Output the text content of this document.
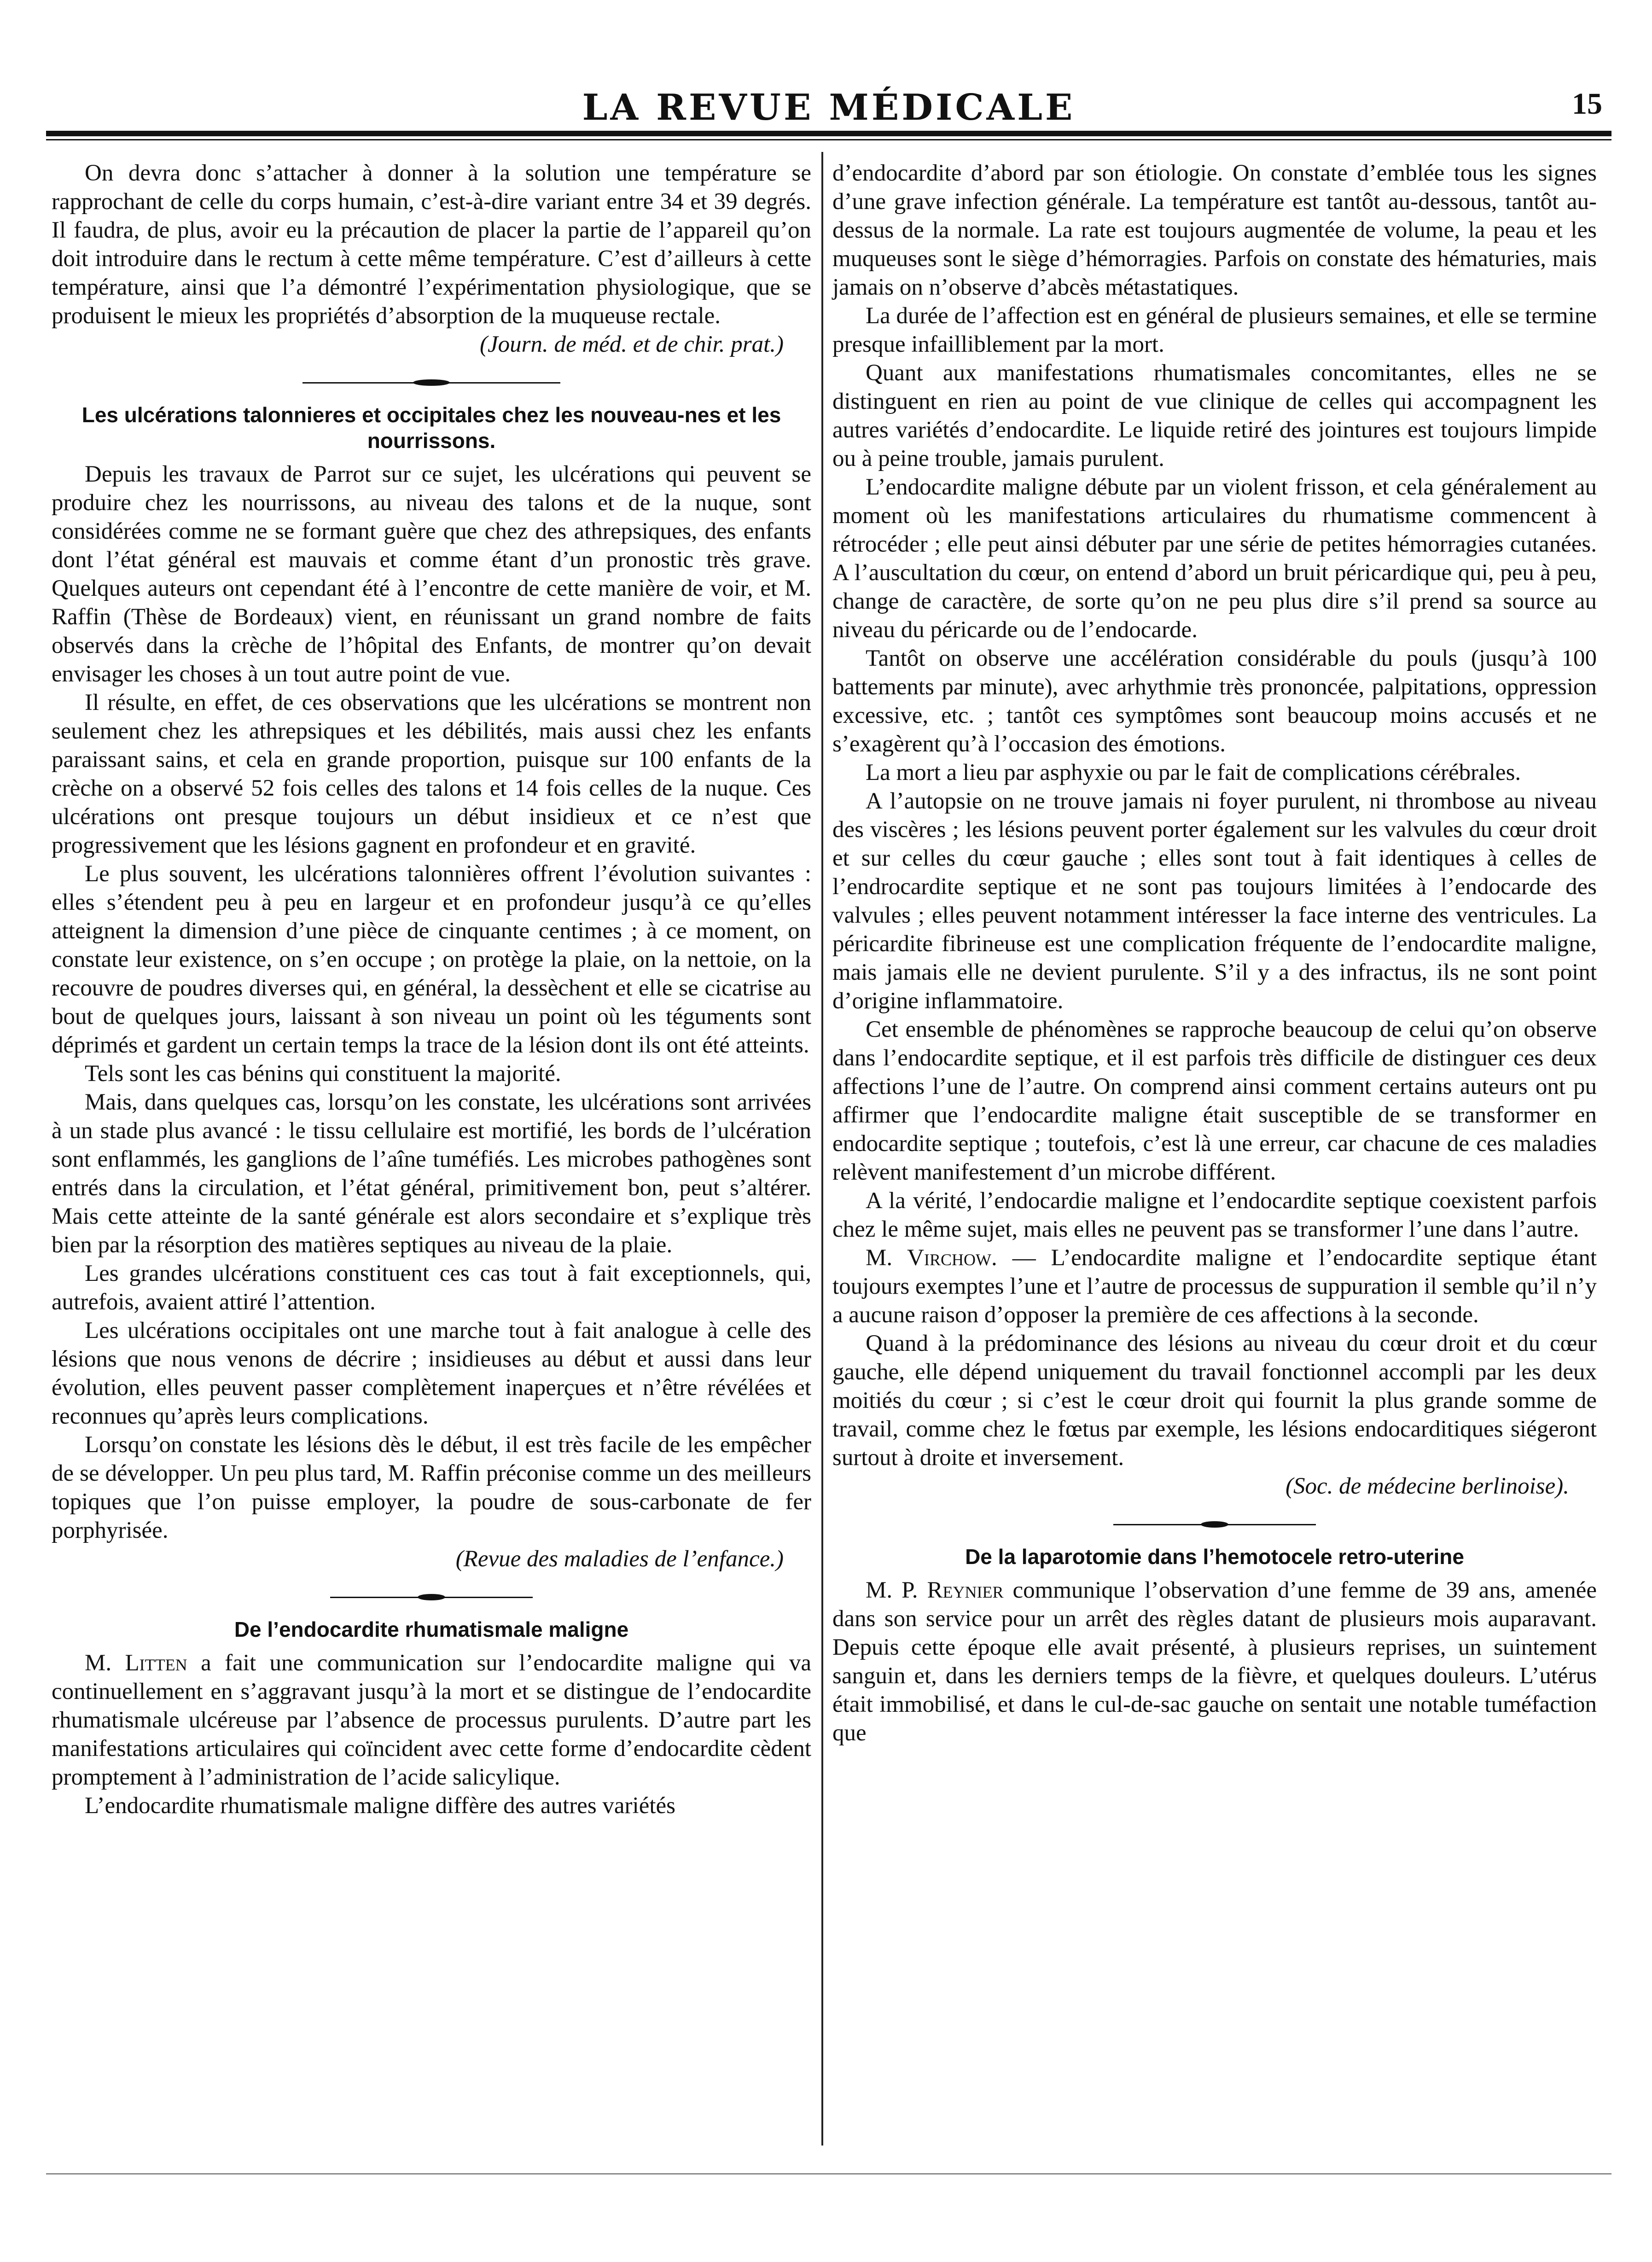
LA REVUE MÉDICALE	15

On devra donc s’attacher à donner à la solution une température se rapprochant de celle du corps humain, c’est-à-dire variant entre 34 et 39 degrés. Il faudra, de plus, avoir eu la précaution de placer la partie de l’appareil qu’on doit introduire dans le rectum à cette même température. C’est d’ailleurs à cette température, ainsi que l’a démontré l’expérimentation physiologique, que se produisent le mieux les propriétés d’absorption de la muqueuse rectale.

(Journ. de méd. et de chir. prat.)

Les ulcérations talonnieres et occipitales chez les nouveau-nes et les nourrissons.

Depuis les travaux de Parrot sur ce sujet, les ulcérations qui peuvent se produire chez les nourrissons, au niveau des talons et de la nuque, sont considérées comme ne se formant guère que chez des athrepsiques, des enfants dont l’état général est mauvais et comme étant d’un pronostic très grave. Quelques auteurs ont cependant été à l’encontre de cette manière de voir, et M. Raffin (Thèse de Bordeaux) vient, en réunissant un grand nombre de faits observés dans la crèche de l’hôpital des Enfants, de montrer qu’on devait envisager les choses à un tout autre point de vue.

Il résulte, en effet, de ces observations que les ulcérations se montrent non seulement chez les athrepsiques et les débilités, mais aussi chez les enfants paraissant sains, et cela en grande proportion, puisque sur 100 enfants de la crèche on a observé 52 fois celles des talons et 14 fois celles de la nuque. Ces ulcérations ont presque toujours un début insidieux et ce n’est que progressivement que les lésions gagnent en profondeur et en gravité.

Le plus souvent, les ulcérations talonnières offrent l’évolution suivantes : elles s’étendent peu à peu en largeur et en profondeur jusqu’à ce qu’elles atteignent la dimension d’une pièce de cinquante centimes ; à ce moment, on constate leur existence, on s’en occupe ; on protège la plaie, on la nettoie, on la recouvre de poudres diverses qui, en général, la dessèchent et elle se cicatrise au bout de quelques jours, laissant à son niveau un point où les téguments sont déprimés et gardent un certain temps la trace de la lésion dont ils ont été atteints.

Tels sont les cas bénins qui constituent la majorité.

Mais, dans quelques cas, lorsqu’on les constate, les ulcérations sont arrivées à un stade plus avancé : le tissu cellulaire est mortifié, les bords de l’ulcération sont enflammés, les ganglions de l’aîne tuméfiés. Les microbes pathogènes sont entrés dans la circulation, et l’état général, primitivement bon, peut s’altérer. Mais cette atteinte de la santé générale est alors secondaire et s’explique très bien par la résorption des matières septiques au niveau de la plaie.

Les grandes ulcérations constituent ces cas tout à fait exceptionnels, qui, autrefois, avaient attiré l’attention.

Les ulcérations occipitales ont une marche tout à fait analogue à celle des lésions que nous venons de décrire ; insidieuses au début et aussi dans leur évolution, elles peuvent passer complètement inaperçues et n’être révélées et reconnues qu’après leurs complications.

Lorsqu’on constate les lésions dès le début, il est très facile de les empêcher de se développer. Un peu plus tard, M. Raffin préconise comme un des meilleurs topiques que l’on puisse employer, la poudre de sous-carbonate de fer porphyrisée.

(Revue des maladies de l’enfance.)

De l’endocardite rhumatismale maligne

M. Litten a fait une communication sur l’endocardite maligne qui va continuellement en s’aggravant jusqu’à la mort et se distingue de l’endocardite rhumatismale ulcéreuse par l’absence de processus purulents. D’autre part les manifestations articulaires qui coïncident avec cette forme d’endocardite cèdent promptement à l’administration de l’acide salicylique.

L’endocardite rhumatismale maligne diffère des autres variétés

d’endocardite d’abord par son étiologie. On constate d’emblée tous les signes d’une grave infection générale. La température est tantôt au-dessous, tantôt au-dessus de la normale. La rate est toujours augmentée de volume, la peau et les muqueuses sont le siège d’hémorragies. Parfois on constate des hématuries, mais jamais on n’observe d’abcès métastatiques.

La durée de l’affection est en général de plusieurs semaines, et elle se termine presque infailliblement par la mort.

Quant aux manifestations rhumatismales concomitantes, elles ne se distinguent en rien au point de vue clinique de celles qui accompagnent les autres variétés d’endocardite. Le liquide retiré des jointures est toujours limpide ou à peine trouble, jamais purulent.

L’endocardite maligne débute par un violent frisson, et cela généralement au moment où les manifestations articulaires du rhumatisme commencent à rétrocéder ; elle peut ainsi débuter par une série de petites hémorragies cutanées. A l’auscultation du cœur, on entend d’abord un bruit péricardique qui, peu à peu, change de caractère, de sorte qu’on ne peu plus dire s’il prend sa source au niveau du péricarde ou de l’endocarde.

Tantôt on observe une accélération considérable du pouls (jusqu’à 100 battements par minute), avec arhythmie très prononcée, palpitations, oppression excessive, etc. ; tantôt ces symptômes sont beaucoup moins accusés et ne s’exagèrent qu’à l’occasion des émotions.

La mort a lieu par asphyxie ou par le fait de complications cérébrales.

A l’autopsie on ne trouve jamais ni foyer purulent, ni thrombose au niveau des viscères ; les lésions peuvent porter également sur les valvules du cœur droit et sur celles du cœur gauche ; elles sont tout à fait identiques à celles de l’endrocardite septique et ne sont pas toujours limitées à l’endocarde des valvules ; elles peuvent notamment intéresser la face interne des ventricules. La péricardite fibrineuse est une complication fréquente de l’endocardite maligne, mais jamais elle ne devient purulente. S’il y a des infractus, ils ne sont point d’origine inflammatoire.

Cet ensemble de phénomènes se rapproche beaucoup de celui qu’on observe dans l’endocardite septique, et il est parfois très difficile de distinguer ces deux affections l’une de l’autre. On comprend ainsi comment certains auteurs ont pu affirmer que l’endocardite maligne était susceptible de se transformer en endocardite septique ; toutefois, c’est là une erreur, car chacune de ces maladies relèvent manifestement d’un microbe différent.

A la vérité, l’endocardie maligne et l’endocardite septique coexistent parfois chez le même sujet, mais elles ne peuvent pas se transformer l’une dans l’autre.

M. Virchow. — L’endocardite maligne et l’endocardite septique étant toujours exemptes l’une et l’autre de processus de suppuration il semble qu’il n’y a aucune raison d’opposer la première de ces affections à la seconde.

Quand à la prédominance des lésions au niveau du cœur droit et du cœur gauche, elle dépend uniquement du travail fonctionnel accompli par les deux moitiés du cœur ; si c’est le cœur droit qui fournit la plus grande somme de travail, comme chez le fœtus par exemple, les lésions endocarditiques siégeront surtout à droite et inversement.

(Soc. de médecine berlinoise).

De la laparotomie dans l’hemotocele retro-uterine

M. P. Reynier communique l’observation d’une femme de 39 ans, amenée dans son service pour un arrêt des règles datant de plusieurs mois auparavant. Depuis cette époque elle avait présenté, à plusieurs reprises, un suintement sanguin et, dans les derniers temps de la fièvre, et quelques douleurs. L’utérus était immobilisé, et dans le cul-de-sac gauche on sentait une notable tuméfaction que
